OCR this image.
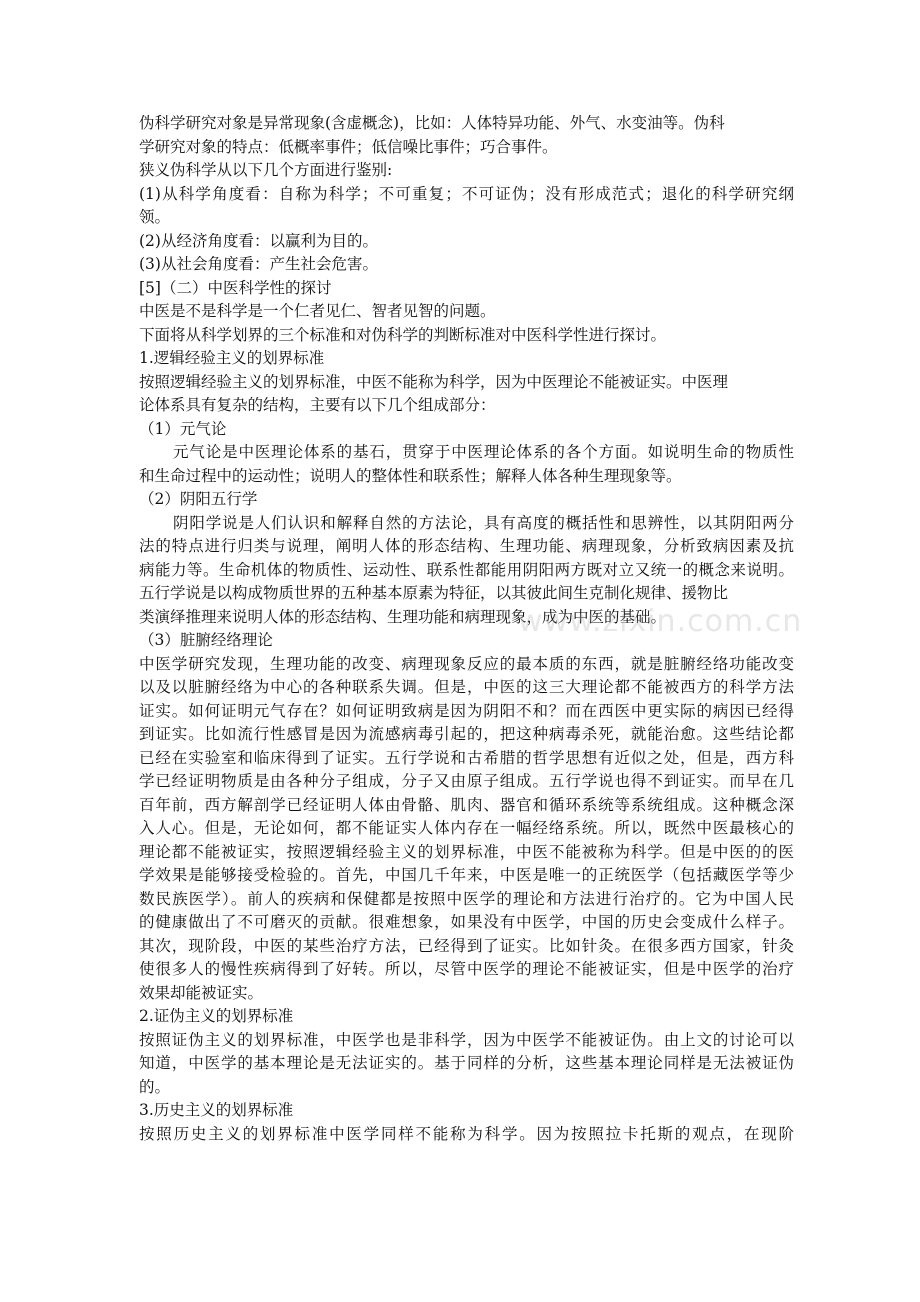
伪科学研究对象是异常现象(含虚概念)，比如：人体特异功能、外气、水变油等。伪科
学研究对象的特点：低概率事件；低信噪比事件；巧合事件。
狭义伪科学从以下几个方面进行鉴别:
(1)从科学角度看：自称为科学；不可重复；不可证伪；没有形成范式；退化的科学研究纲
领。
(2)从经济角度看：以赢利为目的。
(3)从社会角度看：产生社会危害。
[5]（二）中医科学性的探讨
中医是不是科学是一个仁者见仁、智者见智的问题。
下面将从科学划界的三个标准和对伪科学的判断标准对中医科学性进行探讨。
1.逻辑经验主义的划界标准
按照逻辑经验主义的划界标准，中医不能称为科学，因为中医理论不能被证实。中医理
论体系具有复杂的结构，主要有以下几个组成部分：
（1）元气论
元气论是中医理论体系的基石，贯穿于中医理论体系的各个方面。如说明生命的物质性
和生命过程中的运动性；说明人的整体性和联系性；解释人体各种生理现象等。
（2）阴阳五行学
阴阳学说是人们认识和解释自然的方法论，具有高度的概括性和思辨性，以其阴阳两分
法的特点进行归类与说理，阐明人体的形态结构、生理功能、病理现象，分析致病因素及抗
病能力等。生命机体的物质性、运动性、联系性都能用阴阳两方既对立又统一的概念来说明。
五行学说是以构成物质世界的五种基本原素为特征，以其彼此间生克制化规律、援物比
类演绎推理来说明人体的形态结构、生理功能和病理现象，成为中医的基础。
（3）脏腑经络理论
中医学研究发现，生理功能的改变、病理现象反应的最本质的东西，就是脏腑经络功能改变
以及以脏腑经络为中心的各种联系失调。但是，中医的这三大理论都不能被西方的科学方法
证实。如何证明元气存在？如何证明致病是因为阴阳不和？而在西医中更实际的病因已经得
到证实。比如流行性感冒是因为流感病毒引起的，把这种病毒杀死，就能治愈。这些结论都
已经在实验室和临床得到了证实。五行学说和古希腊的哲学思想有近似之处，但是，西方科
学已经证明物质是由各种分子组成，分子又由原子组成。五行学说也得不到证实。而早在几
百年前，西方解剖学已经证明人体由骨骼、肌肉、器官和循环系统等系统组成。这种概念深
入人心。但是，无论如何，都不能证实人体内存在一幅经络系统。所以，既然中医最核心的
理论都不能被证实，按照逻辑经验主义的划界标准，中医不能被称为科学。但是中医的的医
学效果是能够接受检验的。首先，中国几千年来，中医是唯一的正统医学（包括藏医学等少
数民族医学）。前人的疾病和保健都是按照中医学的理论和方法进行治疗的。它为中国人民
的健康做出了不可磨灭的贡献。很难想象，如果没有中医学，中国的历史会变成什么样子。
其次，现阶段，中医的某些治疗方法，已经得到了证实。比如针灸。在很多西方国家，针灸
使很多人的慢性疾病得到了好转。所以，尽管中医学的理论不能被证实，但是中医学的治疗
效果却能被证实。
2.证伪主义的划界标准
按照证伪主义的划界标准，中医学也是非科学，因为中医学不能被证伪。由上文的讨论可以
知道，中医学的基本理论是无法证实的。基于同样的分析，这些基本理论同样是无法被证伪
的。
3.历史主义的划界标准
按照历史主义的划界标准中医学同样不能称为科学。因为按照拉卡托斯的观点，在现阶
www.zixin.com.cn
